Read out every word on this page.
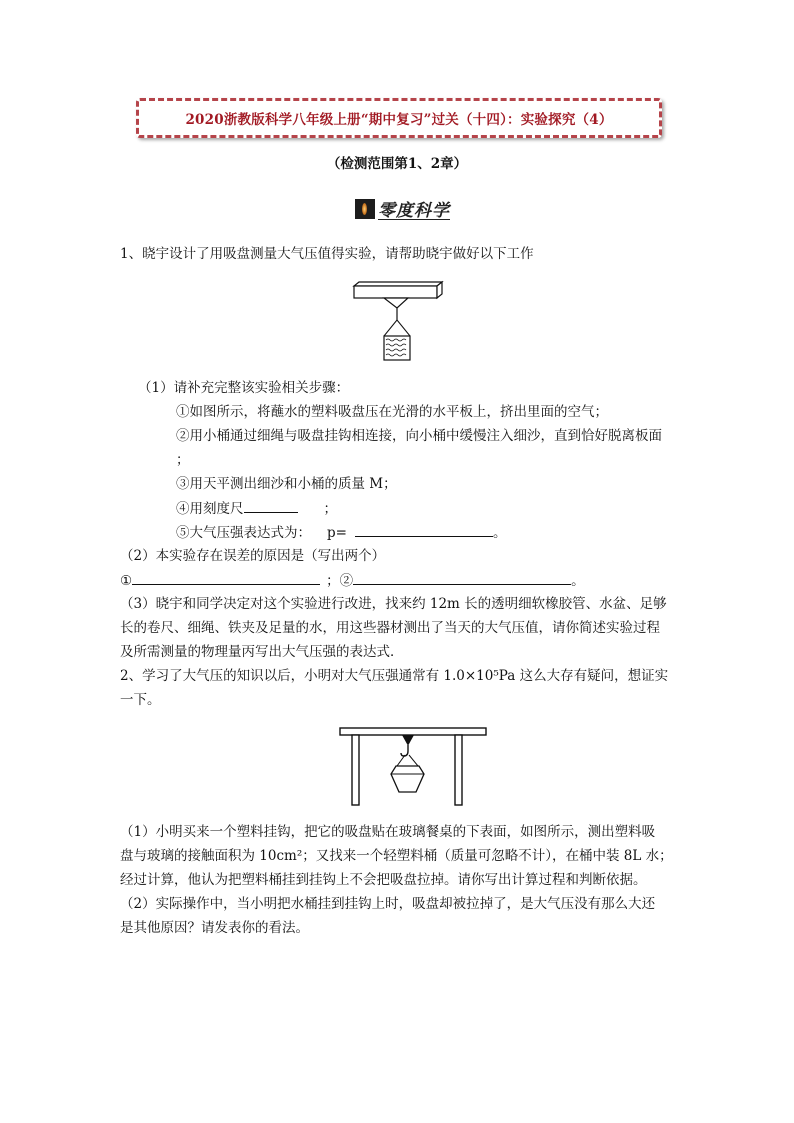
2020浙教版科学八年级上册“期中复习”过关（十四）：实验探究（4）
（检测范围第1、2章）
零度科学
1、晓宇设计了用吸盘测量大气压值得实验，请帮助晓宇做好以下工作
（1）请补充完整该实验相关步骤：
①如图所示，将蘸水的塑料吸盘压在光滑的水平板上，挤出里面的空气；
②用小桶通过细绳与吸盘挂钩相连接，向小桶中缓慢注入细沙，直到恰好脱离板面
；
③用天平测出细沙和小桶的质量 M；
④用刻度尺	；
⑤大气压强表达式为： p=	。
（2）本实验存在误差的原因是（写出两个）
①	；②	。
（3）晓宇和同学决定对这个实验进行改进，找来约 12m 长的透明细软橡胶管、水盆、足够
长的卷尺、细绳、铁夹及足量的水，用这些器材测出了当天的大气压值，请你简述实验过程
及所需测量的物理量丙写出大气压强的表达式．
2、学习了大气压的知识以后，小明对大气压强通常有 1.0×10⁵Pa 这么大存有疑问，想证实
一下。
（1）小明买来一个塑料挂钩，把它的吸盘贴在玻璃餐桌的下表面，如图所示，测出塑料吸
盘与玻璃的接触面积为 10cm²；又找来一个轻塑料桶（质量可忽略不计），在桶中装 8L 水；
经过计算，他认为把塑料桶挂到挂钩上不会把吸盘拉掉。请你写出计算过程和判断依据。
（2）实际操作中，当小明把水桶挂到挂钩上时，吸盘却被拉掉了，是大气压没有那么大还
是其他原因？请发表你的看法。
